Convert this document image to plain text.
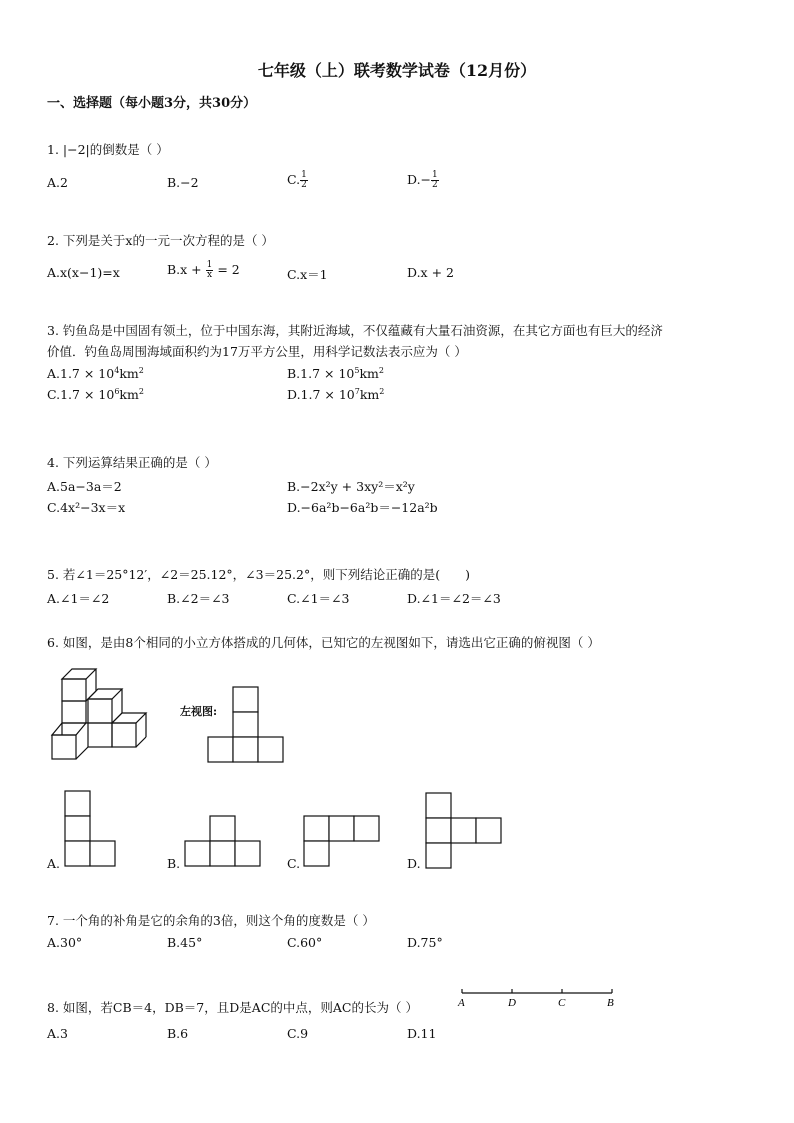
七年级（上）联考数学试卷（12月份）
一、选择题（每小题3分，共30分）
1. |−2|的倒数是（ ）
A.2	B.−2	C. $\frac{1}{2}$	$D.- \frac{1}{2}$
2. 下列是关于x的一元一次方程的是（ ）
A.x(x−1)=x	$B.x + \frac{1}{x} = 2$	C.x＝1	D.x + 2
3. 钓鱼岛是中国固有领土，位于中国东海，其附近海域，不仅蕴藏有大量石油资源，在其它方面也有巨大的经济
价值．钓鱼岛周围海域面积约为17万平方公里，用科学记数法表示应为（ ）
$A.1.7 \times 10^4km^2$	$B.1.7 \times 10^5km^2$
$C.1.7 \times 10^6km^2$	$D.1.7 \times 10^7km^2$
4. 下列运算结果正确的是（ ）
A.5a−3a＝2	B.−2x²y + 3xy²＝x²y
C.4x²−3x＝x	D.−6a²b−6a²b＝−12a²b
5. 若∠1＝25°12′，∠2＝25.12°，∠3＝25.2°，则下列结论正确的是(　　)
A.∠1＝∠2	B.∠2＝∠3	C.∠1＝∠3	D.∠1＝∠2＝∠3
6. 如图，是由8个相同的小立方体搭成的几何体，已知它的左视图如下，请选出它正确的俯视图（ ）
左视图:
A.	B.	C.	D.
7. 一个角的补角是它的余角的3倍，则这个角的度数是（ ）
A.30°	B.45°	C.60°	D.75°
8. 如图，若CB＝4，DB＝7，且D是AC的中点，则AC的长为（ ）	A	D	C	B
A.3	B.6	C.9	D.11
